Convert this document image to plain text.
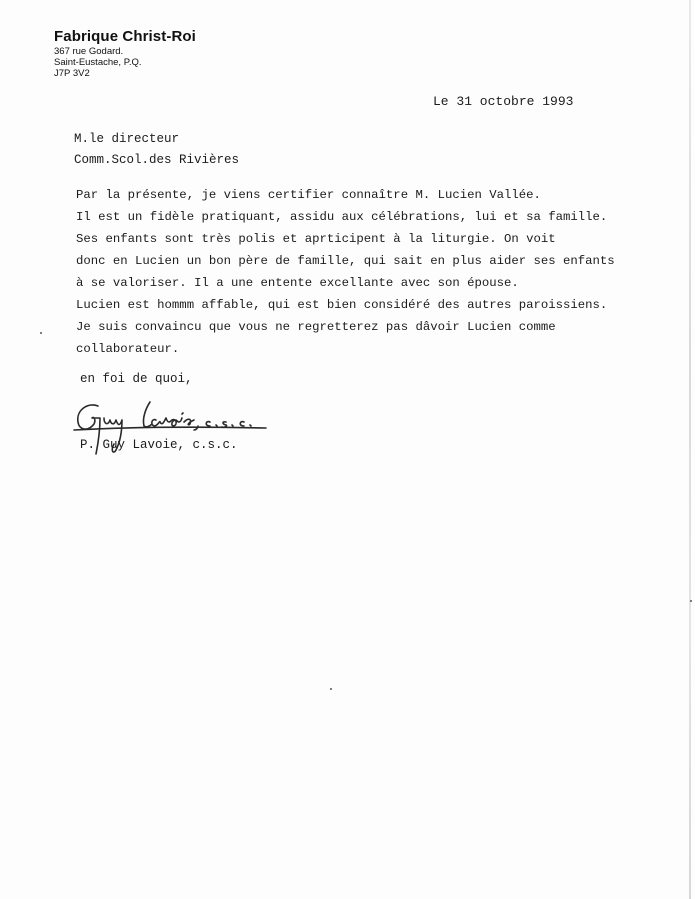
Fabrique Christ-Roi
367 rue Godard.
Saint-Eustache, P.Q.
J7P 3V2
Le 31 octobre 1993
M.le directeur
Comm.Scol.des Rivières
Par la présente, je viens certifier connaître M. Lucien Vallée.
Il est un fidèle pratiquant, assidu aux célébrations, lui et sa famille.
Ses enfants sont très polis et aprticipent à la liturgie. On voit
donc en Lucien un bon père de famille, qui sait en plus aider ses enfants
à se valoriser. Il a une entente excellante avec son épouse.
Lucien est hommm affable, qui est bien considéré des autres paroissiens.
Je suis convaincu que vous ne regretterez pas dâvoir Lucien comme
collaborateur.
en foi de quoi,
P. Guy Lavoie, c.s.c.
